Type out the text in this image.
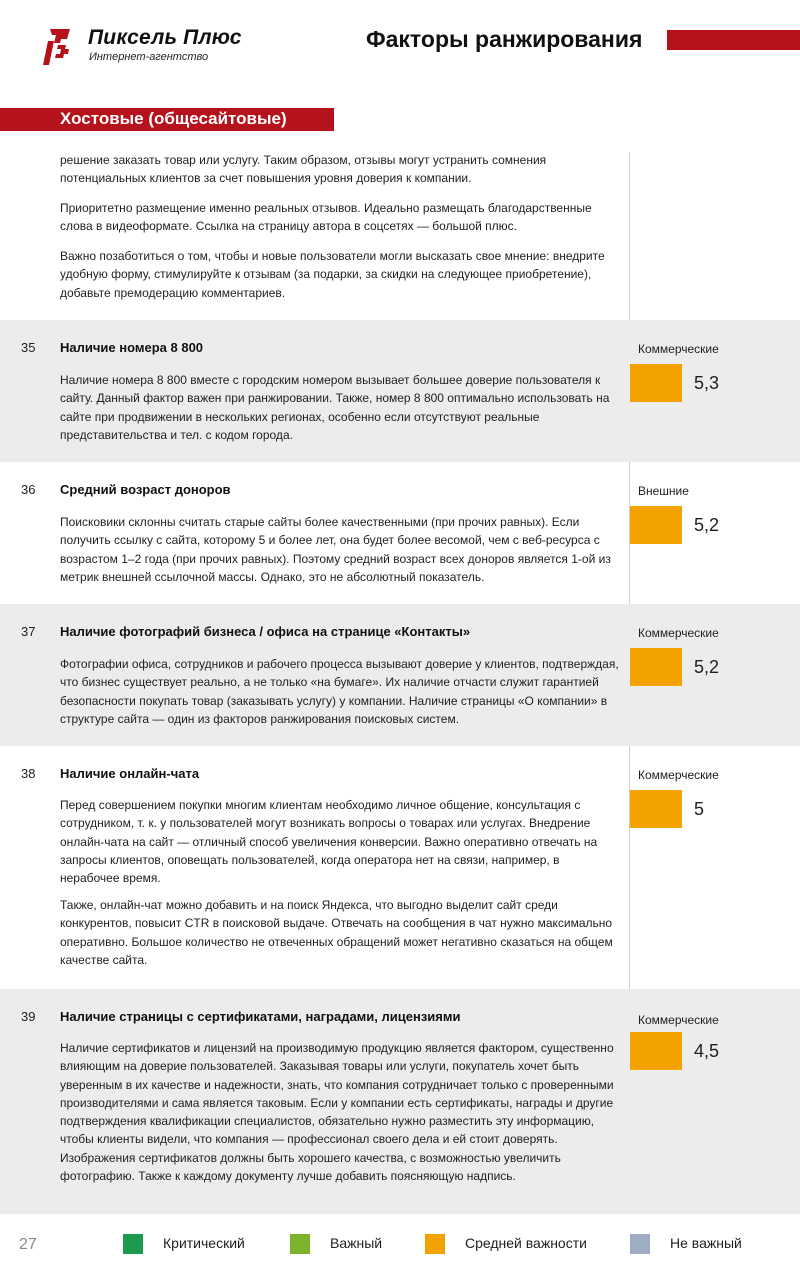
Пиксель Плюс
Интернет-агентство
Факторы ранжирования
Хостовые (общесайтовые)

решение заказать товар или услугу. Таким образом, отзывы могут устранить сомнения потенциальных клиентов за счет повышения уровня доверия к компании.

Приоритетно размещение именно реальных отзывов. Идеально размещать благодарственные слова в видеоформате. Ссылка на страницу автора в соцсетях — большой плюс.

Важно позаботиться о том, чтобы и новые пользователи могли высказать свое мнение: внедрите удобную форму, стимулируйте к отзывам (за подарки, за скидки на следующее приобретение), добавьте премодерацию комментариев.

35 Наличие номера 8 800

Наличие номера 8 800 вместе с городским номером вызывает большее доверие пользователя к сайту. Данный фактор важен при ранжировании. Также, номер 8 800 оптимально использовать на сайте при продвижении в нескольких регионах, особенно если отсутствуют реальные представительства и тел. с кодом города.

Коммерческие
5,3
36 Средний возраст доноров

Поисковики склонны считать старые сайты более качественными (при прочих равных). Если получить ссылку с сайта, которому 5 и более лет, она будет более весомой, чем с веб-ресурса с возрастом 1–2 года (при прочих равных). Поэтому средний возраст всех доноров является 1-ой из метрик внешней ссылочной массы. Однако, это не абсолютный показатель.

Внешние
5,2
37 Наличие фотографий бизнеса / офиса на странице «Контакты»

Фотографии офиса, сотрудников и рабочего процесса вызывают доверие у клиентов, подтверждая, что бизнес существует реально, а не только «на бумаге». Их наличие отчасти служит гарантией безопасности покупать товар (заказывать услугу) у компании. Наличие страницы «О компании» в структуре сайта — один из факторов ранжирования поисковых систем.

Коммерческие
5,2
38 Наличие онлайн-чата

Перед совершением покупки многим клиентам необходимо личное общение, консультация с сотрудником, т. к. у пользователей могут возникать вопросы о товарах или услугах. Внедрение онлайн-чата на сайт — отличный способ увеличения конверсии. Важно оперативно отвечать на запросы клиентов, оповещать пользователей, когда оператора нет на связи, например, в нерабочее время.

Также, онлайн-чат можно добавить и на поиск Яндекса, что выгодно выделит сайт среди конкурентов, повысит CTR в поисковой выдаче. Отвечать на сообщения в чат нужно максимально оперативно. Большое количество не отвеченных обращений может негативно сказаться на общем качестве сайта.

Коммерческие
5
39 Наличие страницы с сертификатами, наградами, лицензиями

Наличие сертификатов и лицензий на производимую продукцию является фактором, существенно влияющим на доверие пользователей. Заказывая товары или услуги, покупатель хочет быть уверенным в их качестве и надежности, знать, что компания сотрудничает только с проверенными производителями и сама является таковым. Если у компании есть сертификаты, награды и другие подтверждения квалификации специалистов, обязательно нужно разместить эту информацию, чтобы клиенты видели, что компания — профессионал своего дела и ей стоит доверять. Изображения сертификатов должны быть хорошего качества, с возможностью увеличить фотографию. Также к каждому документу лучше добавить поясняющую надпись.

Коммерческие
4,5
27	Критический	Важный	Средней важности	Не важный
